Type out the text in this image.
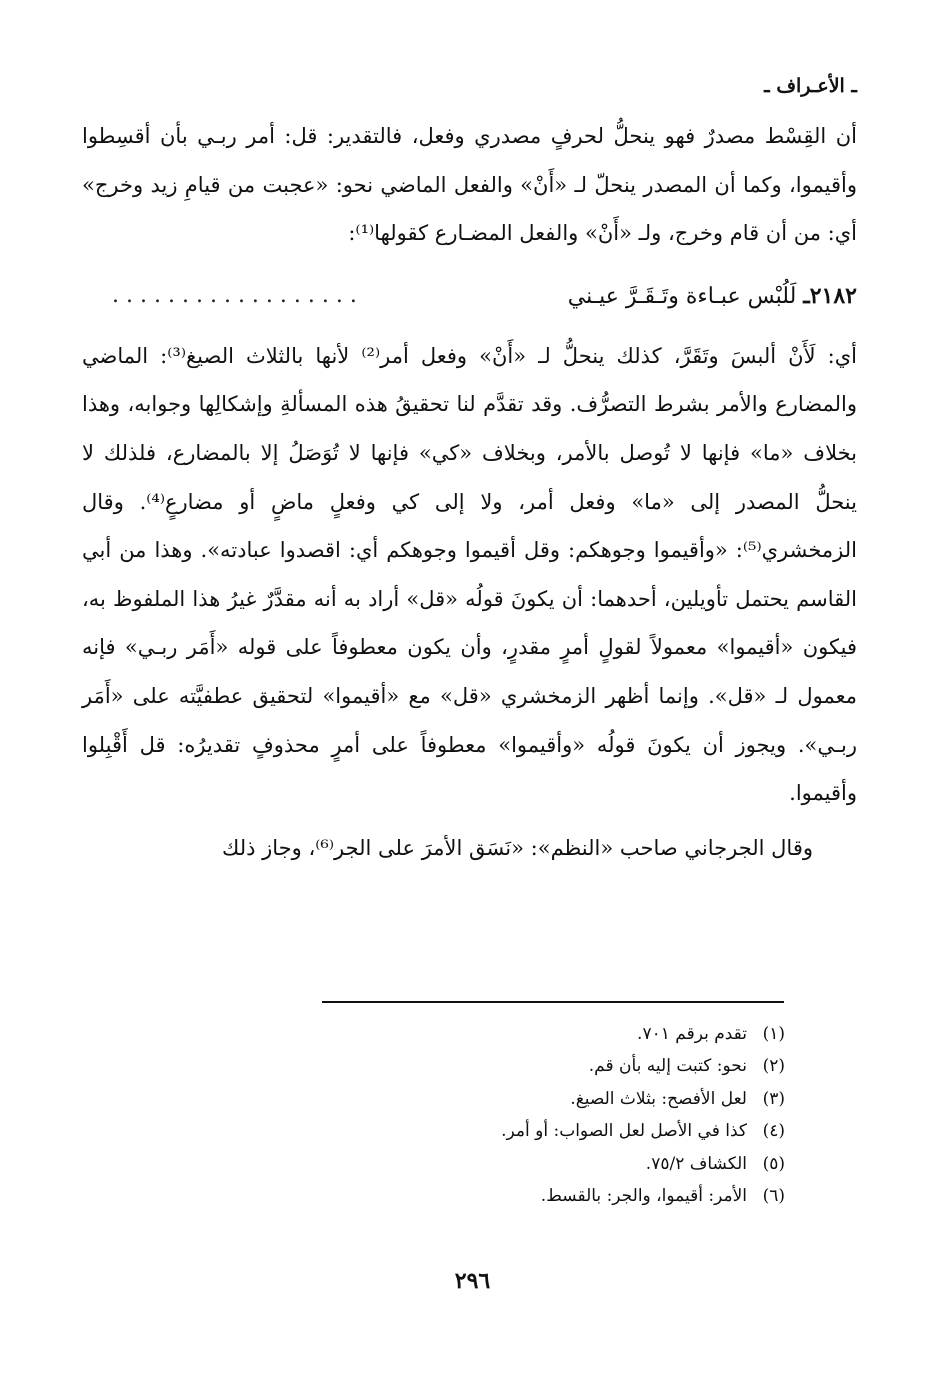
ـ الأعـراف ـ

أن القِسْط مصدرٌ فهو ينحلُّ لحرفٍ مصدري وفعل، فالتقدير: قل: أمر ربـي بأن أقسِطوا وأقيموا، وكما أن المصدر ينحلّ لـ «أَنْ» والفعل الماضي نحو: «عجبت من قيامِ زيد وخرج» أي: من أن قام وخرج، ولـ «أَنْ» والفعل المضـارع كقولها⁽¹⁾:

٢١٨٢ـ لَلُبْس عبـاءة وتَـقَـرَّ عيـني
..................

أي: لَأَنْ ألبسَ وتَقَرَّ، كذلك ينحلُّ لـ «أَنْ» وفعل أمر⁽²⁾ لأنها بالثلاث الصيغ⁽³⁾: الماضي والمضارع والأمر بشرط التصرُّف. وقد تقدَّم لنا تحقيقُ هذه المسألةِ وإشكالِها وجوابه، وهذا بخلاف «ما» فإنها لا تُوصل بالأمر، وبخلاف «كي» فإنها لا تُوَصَلُ إلا بالمضارع، فلذلك لا ينحلُّ المصدر إلى «ما» وفعل أمر، ولا إلى كي وفعلٍ ماضٍ أو مضارعٍ⁽⁴⁾. وقال الزمخشري⁽⁵⁾: «وأقيموا وجوهكم: وقل أقيموا وجوهكم أي: اقصدوا عبادته». وهذا من أبي القاسم يحتمل تأويلين، أحدهما: أن يكونَ قولُه «قل» أراد به أنه مقدَّرٌ غيرُ هذا الملفوظ به، فيكون «أقيموا» معمولاً لقولٍ أمرٍ مقدرٍ، وأن يكون معطوفاً على قوله «أَمَر ربـي» فإنه معمول لـ «قل». وإنما أظهر الزمخشري «قل» مع «أقيموا» لتحقيق عطفيَّته على «أَمَر ربـي». ويجوز أن يكونَ قولُه «وأقيموا» معطوفاً على أمرٍ محذوفٍ تقديرُه: قل أَقْبِلوا وأقيموا.

وقال الجرجاني صاحب «النظم»: «نَسَق الأمرَ على الجر⁽⁶⁾، وجاز ذلك

(١)تقدم برقم ٧٠١.
(٢)نحو: كتبت إليه بأن قم.
(٣)لعل الأفصح: بثلاث الصيغ.
(٤)كذا في الأصل لعل الصواب: أو أمر.
(٥)الكشاف ٧٥/٢.
(٦)الأمر: أقيموا، والجر: بالقسط.
٢٩٦
